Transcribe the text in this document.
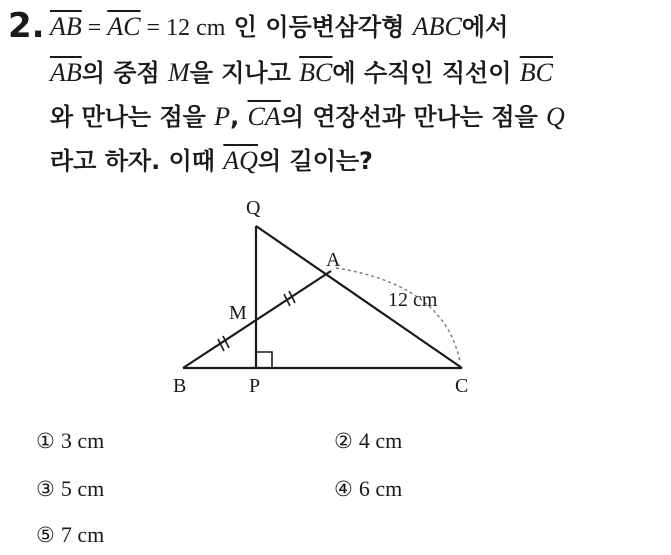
2. $\overline{AB} = \overline{AC} = 12$ cm 인 이등변삼각형 ABC에서
$\overline{AB}$의 중점 M을 지나고 $\overline{BC}$에 수직인 직선이 $\overline{BC}$
와 만나는 점을 P, $\overline{CA}$의 연장선과 만나는 점을 Q
라고 하자. 이때 $\overline{AQ}$의 길이는?
Q
A
M
B	P	C
12 cm
① 3 cm	② 4 cm
③ 5 cm	④ 6 cm
⑤ 7 cm
